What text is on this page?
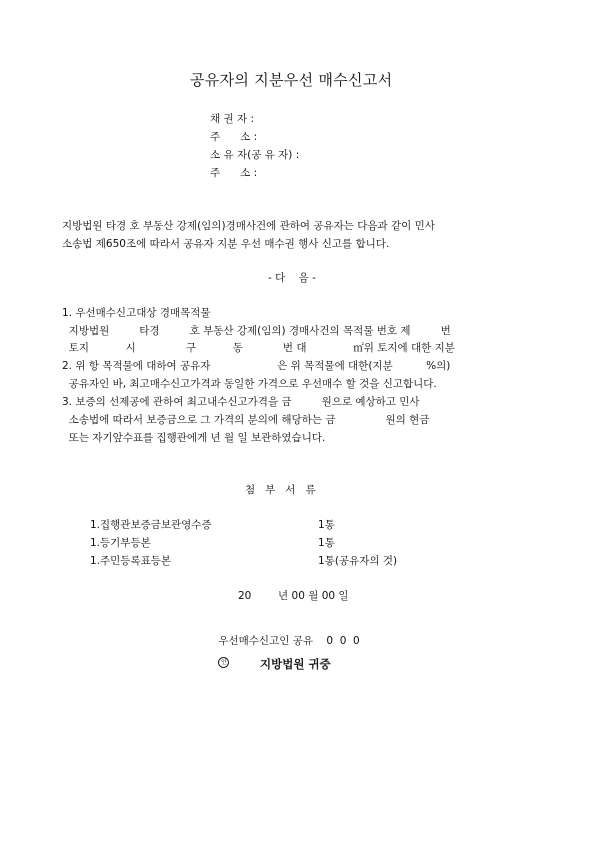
공유자의 지분우선 매수신고서
채 권 자 :
주      소 :
소 유 자(공 유 자) :
주      소 :
지방법원 타경 호 부동산 강제(임의)경매사건에 관하여 공유자는 다음과 같이 민사
소송법 제650조에 따라서 공유자 지분 우선 매수권 행사 신고를 합니다.
- 다    음 -
1. 우선매수신고대상 경매목적물
지방법원         타경         호 부동산 강제(임의) 경매사건의 목적물 번호 제         번
토지           시               구           동            번 대              ㎡위 토지에 대한 지분
2. 위 항 목적물에 대하여 공유자                    은 위 목적물에 대한(지분          %의)
공유자인 바, 최고매수신고가격과 동일한 가격으로 우선매수 할 것을 신고합니다.
3. 보증의 선제공에 관하여 최고내수신고가격을 금         원으로 예상하고 민사
소송법에 따라서 보증금으로 그 가격의 분의에 해당하는 금               원의 현금
또는 자기앞수표를 집행관에게 년 월 일 보관하였습니다.
첨   부   서   류
1.집행관보증금보관영수증	1통
1.등기부등본	1통
1.주민등록표등본	1통(공유자의 것)
20        년 00 월 00 일

우선매수신고인 공유    0  0  0

인
	지방법원 귀중
